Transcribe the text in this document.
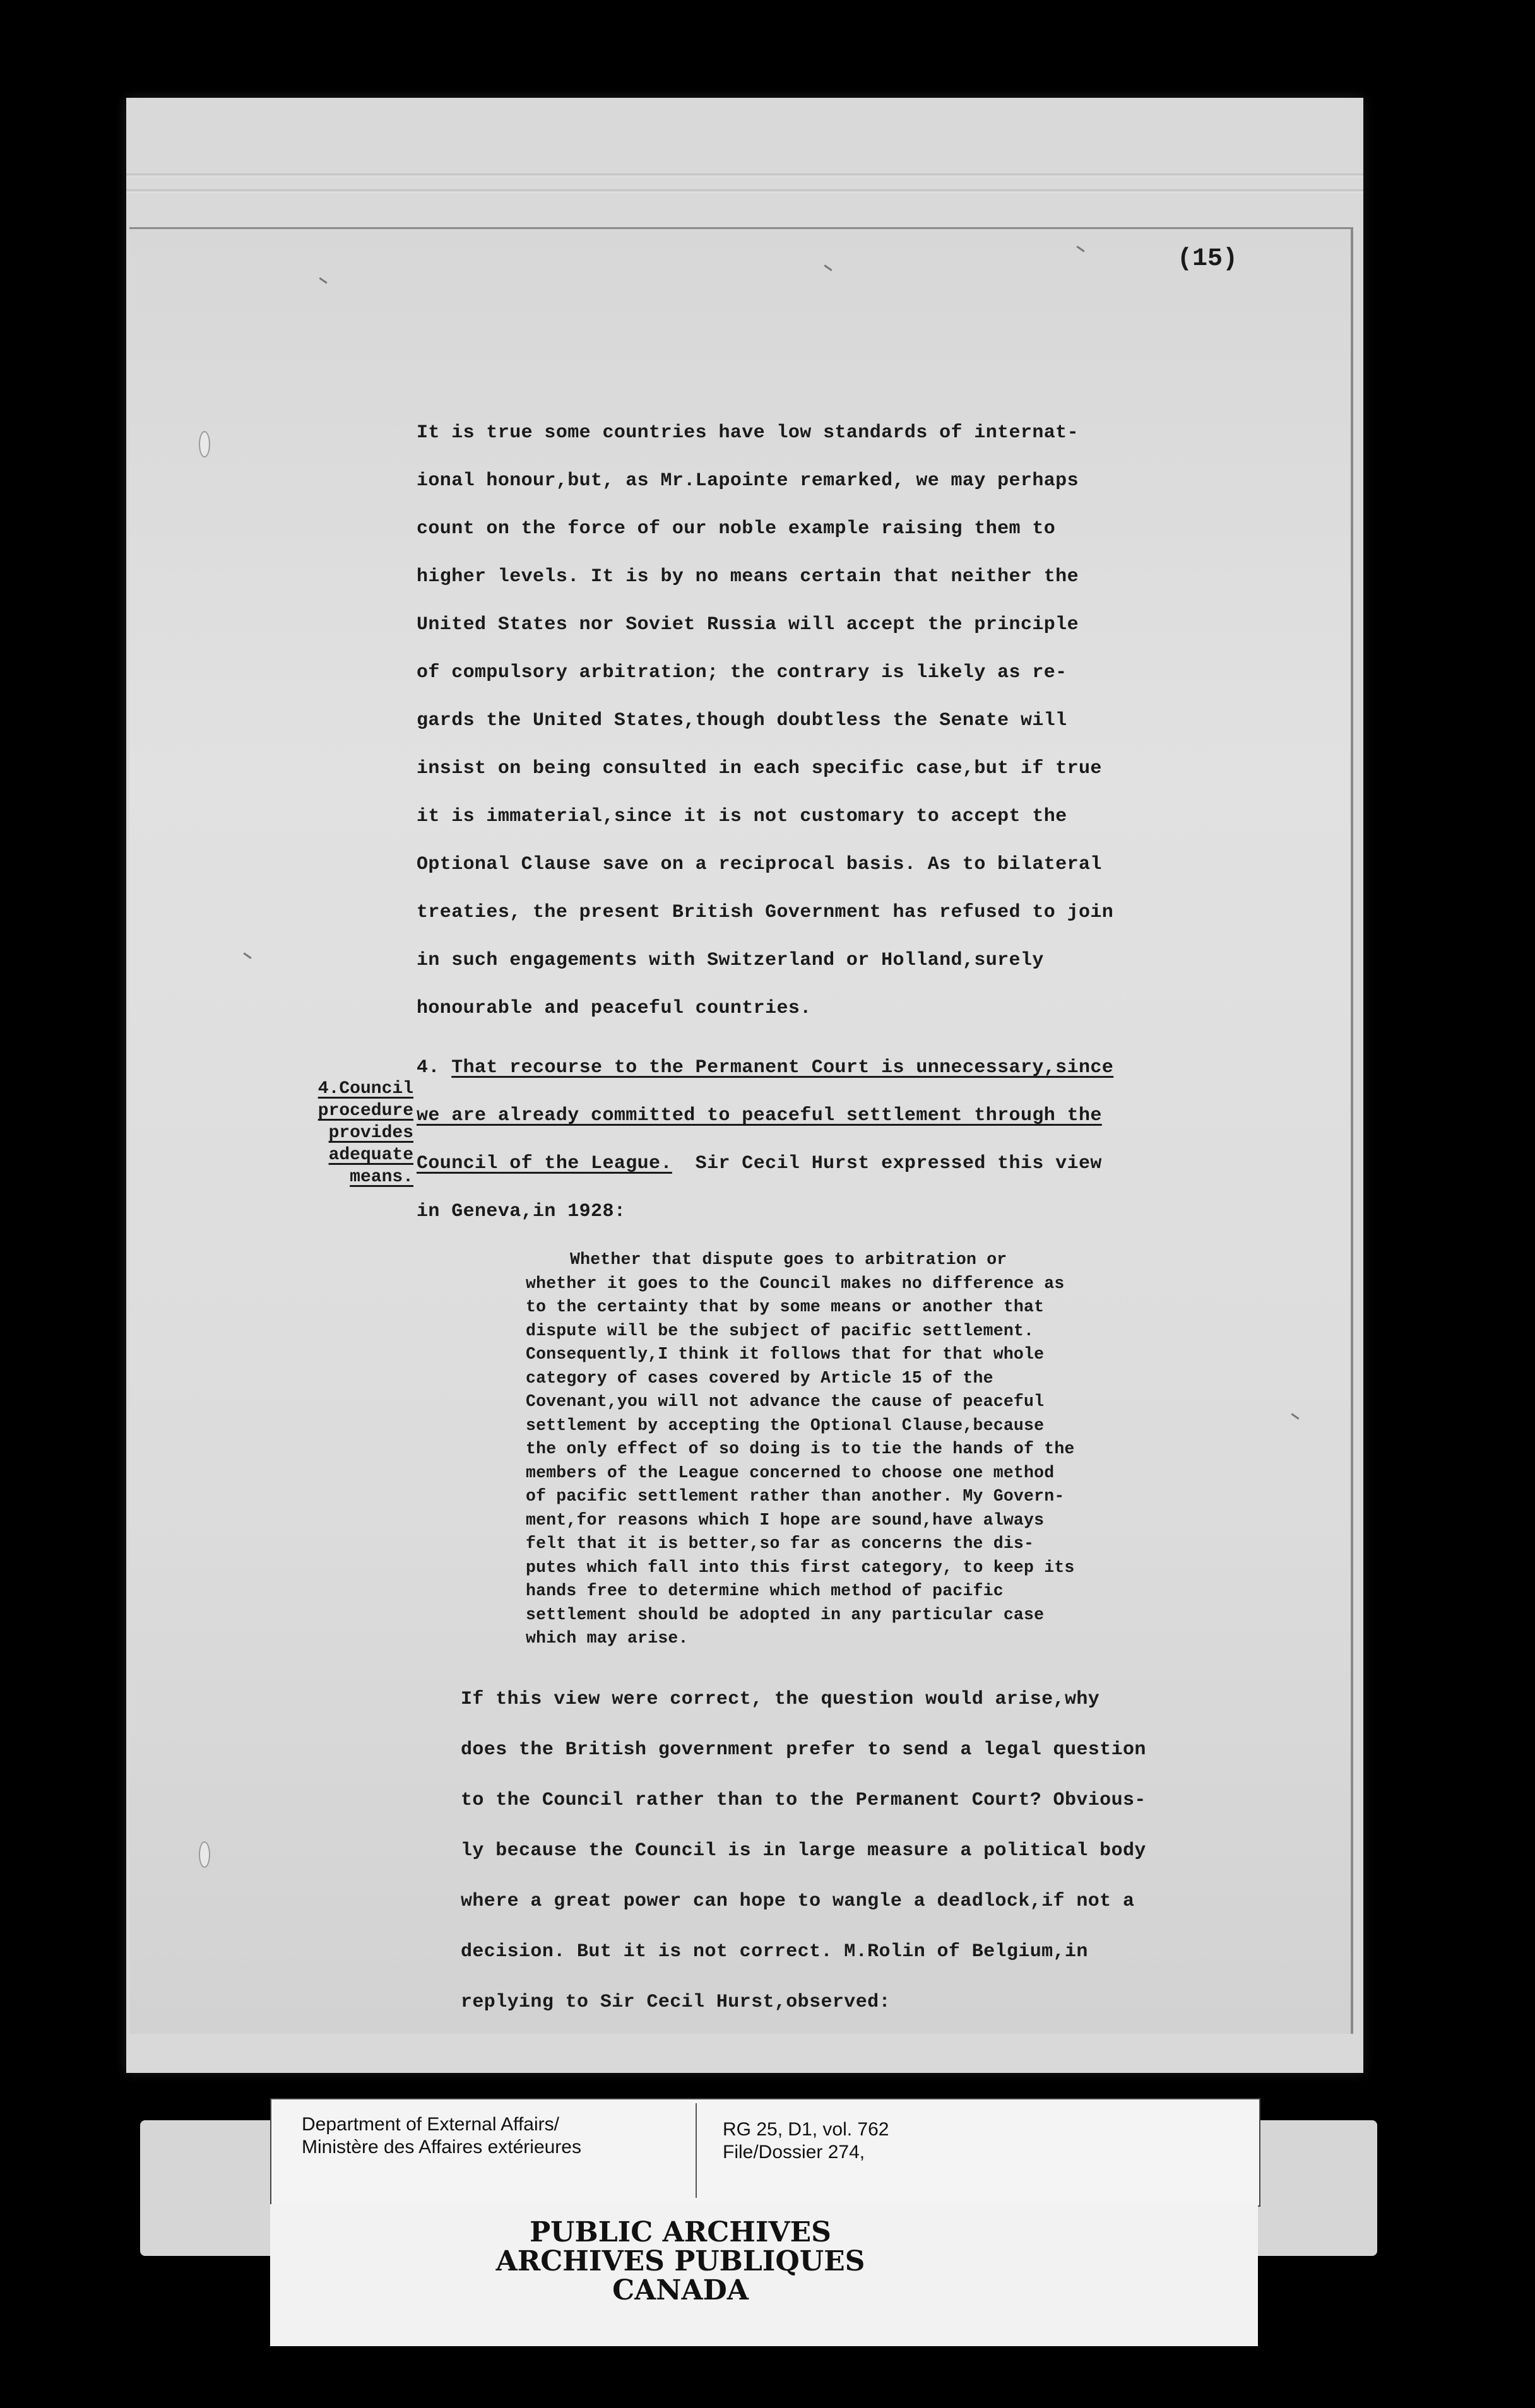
(15)
It is true some countries have low standards of internat-
ional honour,but, as Mr.Lapointe remarked, we may perhaps
count on the force of our noble example raising them to
higher levels. It is by no means certain that neither the
United States nor Soviet Russia will accept the principle
of compulsory arbitration; the contrary is likely as re-
gards the United States,though doubtless the Senate will
insist on being consulted in each specific case,but if true
it is immaterial,since it is not customary to accept the
Optional Clause save on a reciprocal basis. As to bilateral
treaties, the present British Government has refused to join
in such engagements with Switzerland or Holland,surely
honourable and peaceful countries.
4. That recourse to the Permanent Court is unnecessary,since
we are already committed to peaceful settlement through the
Council of the League.  Sir Cecil Hurst expressed this view
in Geneva,in 1928:
4.Council
procedure
provides
adequate
means.
Whether that dispute goes to arbitration or
whether it goes to the Council makes no difference as
to the certainty that by some means or another that
dispute will be the subject of pacific settlement.
Consequently,I think it follows that for that whole
category of cases covered by Article 15 of the
Covenant,you will not advance the cause of peaceful
settlement by accepting the Optional Clause,because
the only effect of so doing is to tie the hands of the
members of the League concerned to choose one method
of pacific settlement rather than another. My Govern-
ment,for reasons which I hope are sound,have always
felt that it is better,so far as concerns the dis-
putes which fall into this first category, to keep its
hands free to determine which method of pacific
settlement should be adopted in any particular case
which may arise.
If this view were correct, the question would arise,why
does the British government prefer to send a legal question
to the Council rather than to the Permanent Court? Obvious-
ly because the Council is in large measure a political body
where a great power can hope to wangle a deadlock,if not a
decision. But it is not correct. M.Rolin of Belgium,in
replying to Sir Cecil Hurst,observed:
Department of External Affairs/
Ministère des Affaires extérieures
RG 25, D1, vol. 762
File/Dossier 274,
PUBLIC ARCHIVES
ARCHIVES PUBLIQUES
CANADA
